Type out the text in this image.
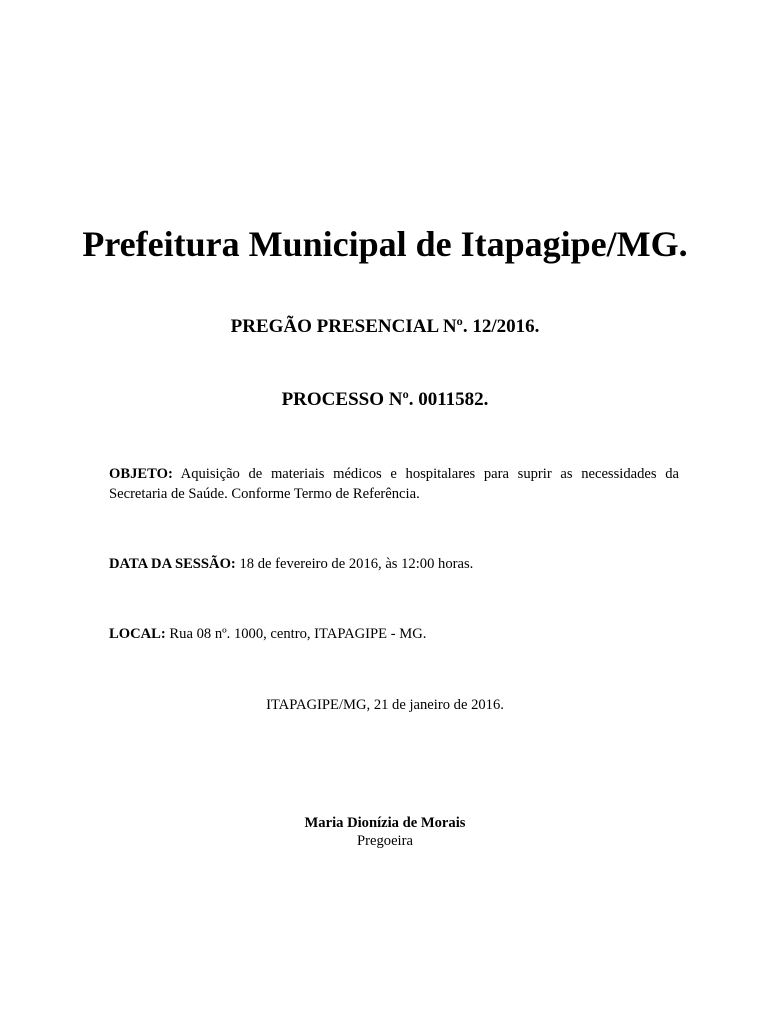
Prefeitura Municipal de Itapagipe/MG.
PREGÃO PRESENCIAL Nº. 12/2016.
PROCESSO Nº. 0011582.
OBJETO: Aquisição de materiais médicos e hospitalares para suprir as necessidades da Secretaria de Saúde. Conforme Termo de Referência.
DATA DA SESSÃO: 18 de fevereiro de 2016, às 12:00 horas.
LOCAL: Rua 08 nº. 1000, centro, ITAPAGIPE - MG.
ITAPAGIPE/MG, 21 de janeiro de 2016.
Maria Dionízia de Morais
Pregoeira
